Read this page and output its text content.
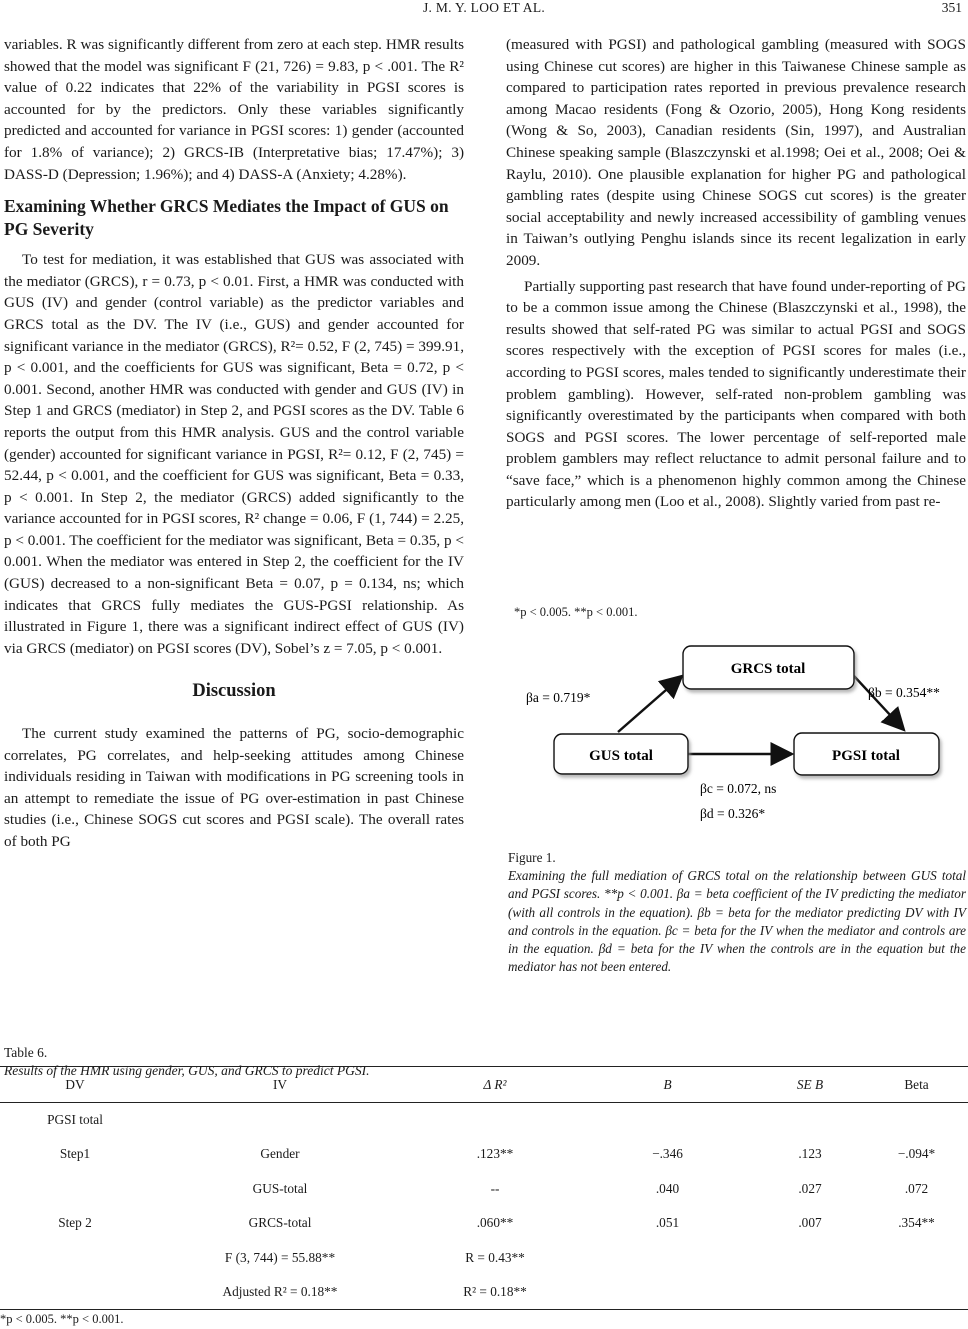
J. M. Y. LOO ET AL.	351

variables. R was significantly different from zero at each step. HMR results showed that the model was significant F (21, 726) = 9.83, p < .001. The R² value of 0.22 indicates that 22% of the variability in PGSI scores is accounted for by the predictors. Only these variables significantly predicted and accounted for variance in PGSI scores: 1) gender (accounted for 1.8% of variance); 2) GRCS-IB (Interpretative bias; 17.47%); 3) DASS-D (Depression; 1.96%); and 4) DASS-A (Anxiety; 4.28%).

Examining Whether GRCS Mediates the Impact of GUS on PG Severity

To test for mediation, it was established that GUS was associated with the mediator (GRCS), r = 0.73, p < 0.01. First, a HMR was conducted with GUS (IV) and gender (control variable) as the predictor variables and GRCS total as the DV. The IV (i.e., GUS) and gender accounted for significant variance in the mediator (GRCS), R²= 0.52, F (2, 745) = 399.91, p < 0.001, and the coefficients for GUS was significant, Beta = 0.72, p < 0.001. Second, another HMR was conducted with gender and GUS (IV) in Step 1 and GRCS (mediator) in Step 2, and PGSI scores as the DV. Table 6 reports the output from this HMR analysis. GUS and the control variable (gender) accounted for significant variance in PGSI, R²= 0.12, F (2, 745) = 52.44, p < 0.001, and the coefficient for GUS was significant, Beta = 0.33, p < 0.001. In Step 2, the mediator (GRCS) added significantly to the variance accounted for in PGSI scores, R² change = 0.06, F (1, 744) = 2.25, p < 0.001. The coefficient for the mediator was significant, Beta = 0.35, p < 0.001. When the mediator was entered in Step 2, the coefficient for the IV (GUS) decreased to a non-significant Beta = 0.07, p = 0.134, ns; which indicates that GRCS fully mediates the GUS-PGSI relationship. As illustrated in Figure 1, there was a significant indirect effect of GUS (IV) via GRCS (mediator) on PGSI scores (DV), Sobel’s z = 7.05, p < 0.001.

Discussion

The current study examined the patterns of PG, socio-demographic correlates, PG correlates, and help-seeking attitudes among Chinese individuals residing in Taiwan with modifications in PG screening tools in an attempt to remediate the issue of PG over-estimation in past Chinese studies (i.e., Chinese SOGS cut scores and PGSI scale). The overall rates of both PG

(measured with PGSI) and pathological gambling (measured with SOGS using Chinese cut scores) are higher in this Taiwanese Chinese sample as compared to participation rates reported in previous prevalence research among Macao residents (Fong & Ozorio, 2005), Hong Kong residents (Wong & So, 2003), Canadian residents (Sin, 1997), and Australian Chinese speaking sample (Blaszczynski et al.1998; Oei et al., 2008; Oei & Raylu, 2010). One plausible explanation for higher PG and pathological gambling rates (despite using Chinese SOGS cut scores) is the greater social acceptability and newly increased accessibility of gambling venues in Taiwan’s outlying Penghu islands since its recent legalization in early 2009.

Partially supporting past research that have found under-reporting of PG to be a common issue among the Chinese (Blaszczynski et al., 1998), the results showed that self-rated PG was similar to actual PGSI and SOGS scores respectively with the exception of PGSI scores for males (i.e., according to PGSI scores, males tended to significantly underestimate their problem gambling). However, self-rated non-problem gambling was significantly overestimated by the participants when compared with both SOGS and PGSI scores. The lower percentage of self-reported male problem gamblers may reflect reluctance to admit personal failure and to “save face,” which is a phenomenon highly common among the Chinese particularly among men (Loo et al., 2008). Slightly varied from past re-

*p < 0.005. **p < 0.001.
GRCS total
GUS total	PGSI total
βa = 0.719*	βb = 0.354**
βc = 0.072, ns
βd = 0.326*
Figure 1.
Examining the full mediation of GRCS total on the relationship between GUS total and PGSI scores. **p < 0.001. βa = beta coefficient of the IV predicting the mediator (with all controls in the equation). βb = beta for the mediator predicting DV with IV and controls in the equation. βc = beta for the IV when the mediator and controls are in the equation. βd = beta for the IV when the controls are in the equation but the mediator has not been entered.
Table 6.
Results of the HMR using gender, GUS, and GRCS to predict PGSI.
DV	IV	Δ R²	B	SE B	Beta
PGSI total					
Step1	Gender	.123**	−.346	.123	−.094*
	GUS-total	--	.040	.027	.072
Step 2	GRCS-total	.060**	.051	.007	.354**
	F (3, 744) = 55.88**	R = 0.43**			
	Adjusted R² = 0.18**	R² = 0.18**			
*p < 0.005. **p < 0.001.
